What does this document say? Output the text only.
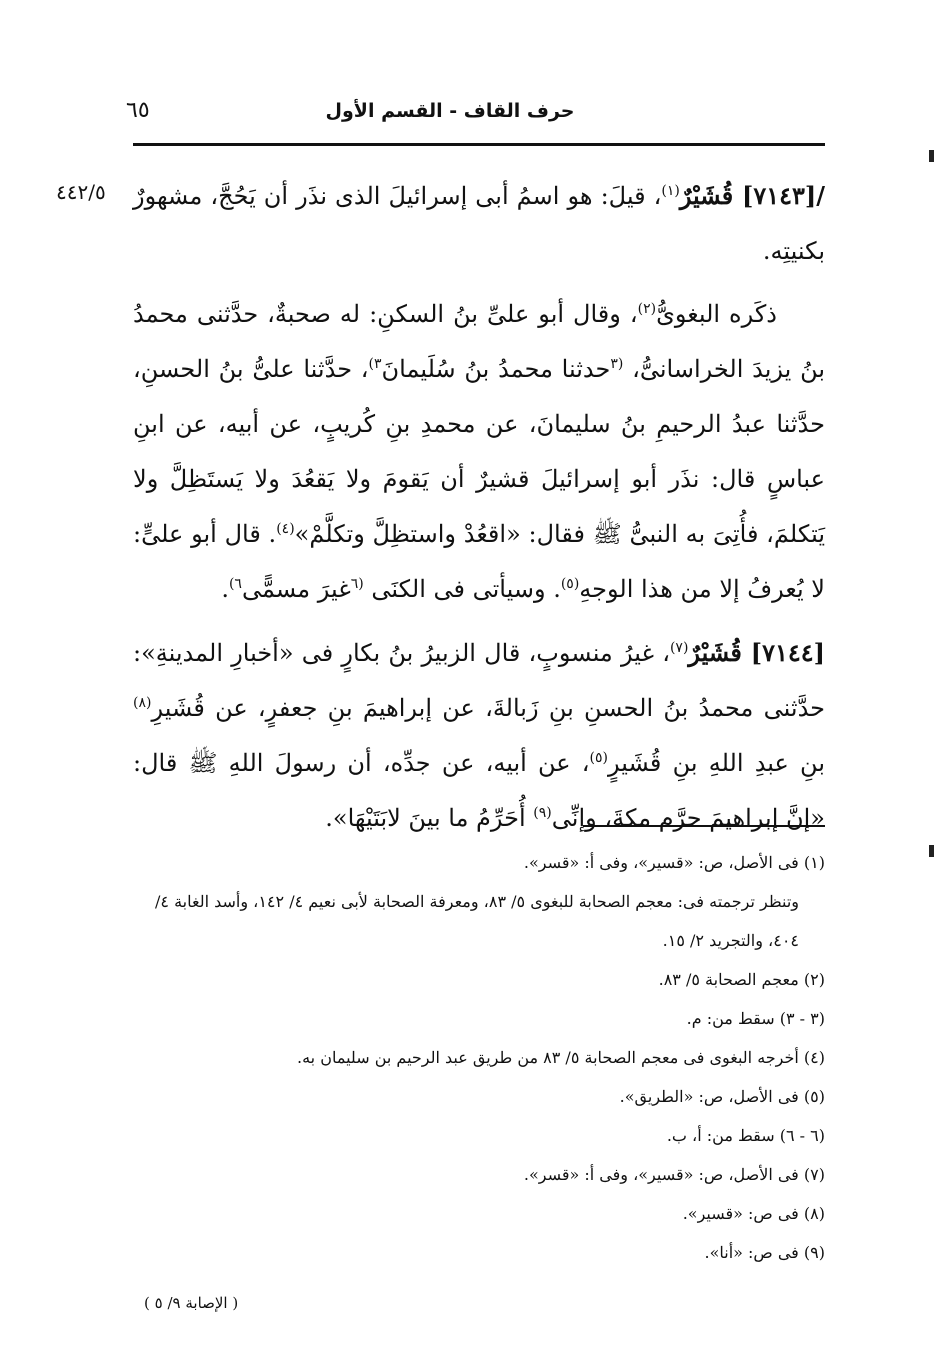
حرف القاف - القسم الأول
٦٥
٤٤٢/٥	/[٧١٤٣] قُشَيْرٌ$^{(١)}$، قيلَ: هو اسمُ أبى إسرائيلَ الذى نذَر أن يَحُجَّ، مشهورٌ بكنيتِه.

ذكَره البغوىُّ$^{(٢)}$، وقال أبو علىِّ بنُ السكنِ: له صحبةٌ، حدَّثنى محمدُ بنُ يزيدَ الخراسانىُّ، $^{(٣}$حدثنا محمدُ بنُ سُلَيمانَ$^{٣)}$، حدَّثنا علىُّ بنُ الحسنِ، حدَّثنا عبدُ الرحيمِ بنُ سليمانَ، عن محمدِ بنِ كُريبٍ، عن أبيه، عن ابنِ عباسٍ قال: نذَر أبو إسرائيلَ قشيرٌ أن يَقومَ ولا يَقعُدَ ولا يَستَظِلَّ ولا يَتكلمَ، فأُتِىَ به النبىُّ ﷺ فقال: «اقعُدْ واستظِلَّ وتكلَّمْ»$^{(٤)}$. قال أبو علىٍّ: لا يُعرفُ إلا من هذا الوجهِ$^{(٥)}$. وسيأتى فى الكنَى $^{(٦}$غيرَ مسمًّى$^{٦)}$.

[٧١٤٤] قُشَيْرٌ$^{(٧)}$، غيرُ منسوبٍ، قال الزبيرُ بنُ بكارٍ فى «أخبارِ المدينةِ»: حدَّثنى محمدُ بنُ الحسنِ بنِ زَبالةَ، عن إبراهيمَ بنِ جعفرٍ، عن قُشَيرِ$^{(٨)}$ بنِ عبدِ اللهِ بنِ قُشَيرٍ$^{(٥)}$، عن أبيه، عن جدِّه، أن رسولَ اللهِ ﷺ قال: «إنَّ إبراهيمَ حرَّم مكةَ، وإنِّى$^{(٩)}$ أُحَرِّمُ ما بينَ لابَتَيْهَا».

(١) فى الأصل، ص: «قسير»، وفى أ: «قسر».

وتنظر ترجمته فى: معجم الصحابة للبغوى ٥/ ٨٣، ومعرفة الصحابة لأبى نعيم ٤/ ١٤٢، وأسد الغابة ٤/ ٤٠٤، والتجريد ٢/ ١٥.

(٢) معجم الصحابة ٥/ ٨٣.

(٣ - ٣) سقط من: م.

(٤) أخرجه البغوى فى معجم الصحابة ٥/ ٨٣ من طريق عبد الرحيم بن سليمان به.

(٥) فى الأصل، ص: «الطريق».

(٦ - ٦) سقط من: أ، ب.

(٧) فى الأصل، ص: «قسير»، وفى أ: «قسر».

(٨) فى ص: «قسير».

(٩) فى ص: «أنا».

( الإصابة ٩/ ٥ )
